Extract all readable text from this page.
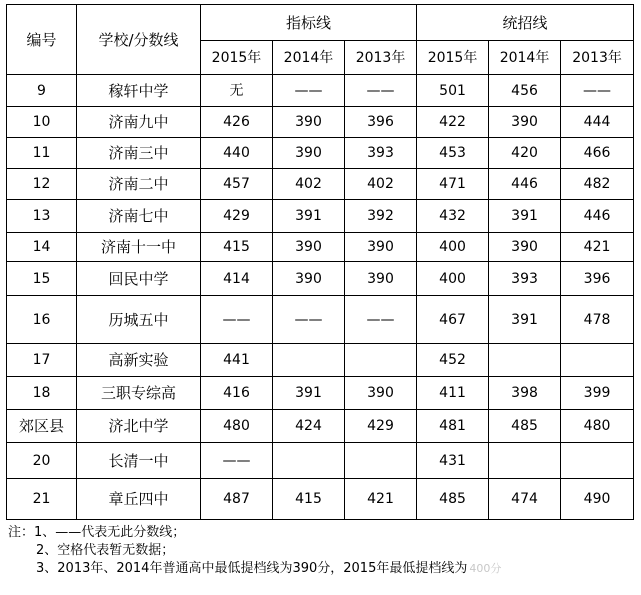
编号	学校/分数线	指标线			统招线		
		2015年	2014年	2013年	2015年	2014年	2013年
9	稼轩中学	无	——	——	501	456	——
10	济南九中	426	390	396	422	390	444
11	济南三中	440	390	393	453	420	466
12	济南二中	457	402	402	471	446	482
13	济南七中	429	391	392	432	391	446
14	济南十一中	415	390	390	400	390	421
15	回民中学	414	390	390	400	393	396
16	历城五中	——	——	——	467	391	478
17	高新实验	441			452		
18	三职专综高	416	391	390	411	398	399
郊区县	济北中学	480	424	429	481	485	480
20	长清一中	——			431		
21	章丘四中	487	415	421	485	474	490
注：1、——代表无此分数线；
2、空格代表暂无数据；
3、2013年、2014年普通高中最低提档线为390分，2015年最低提档线为 400分
